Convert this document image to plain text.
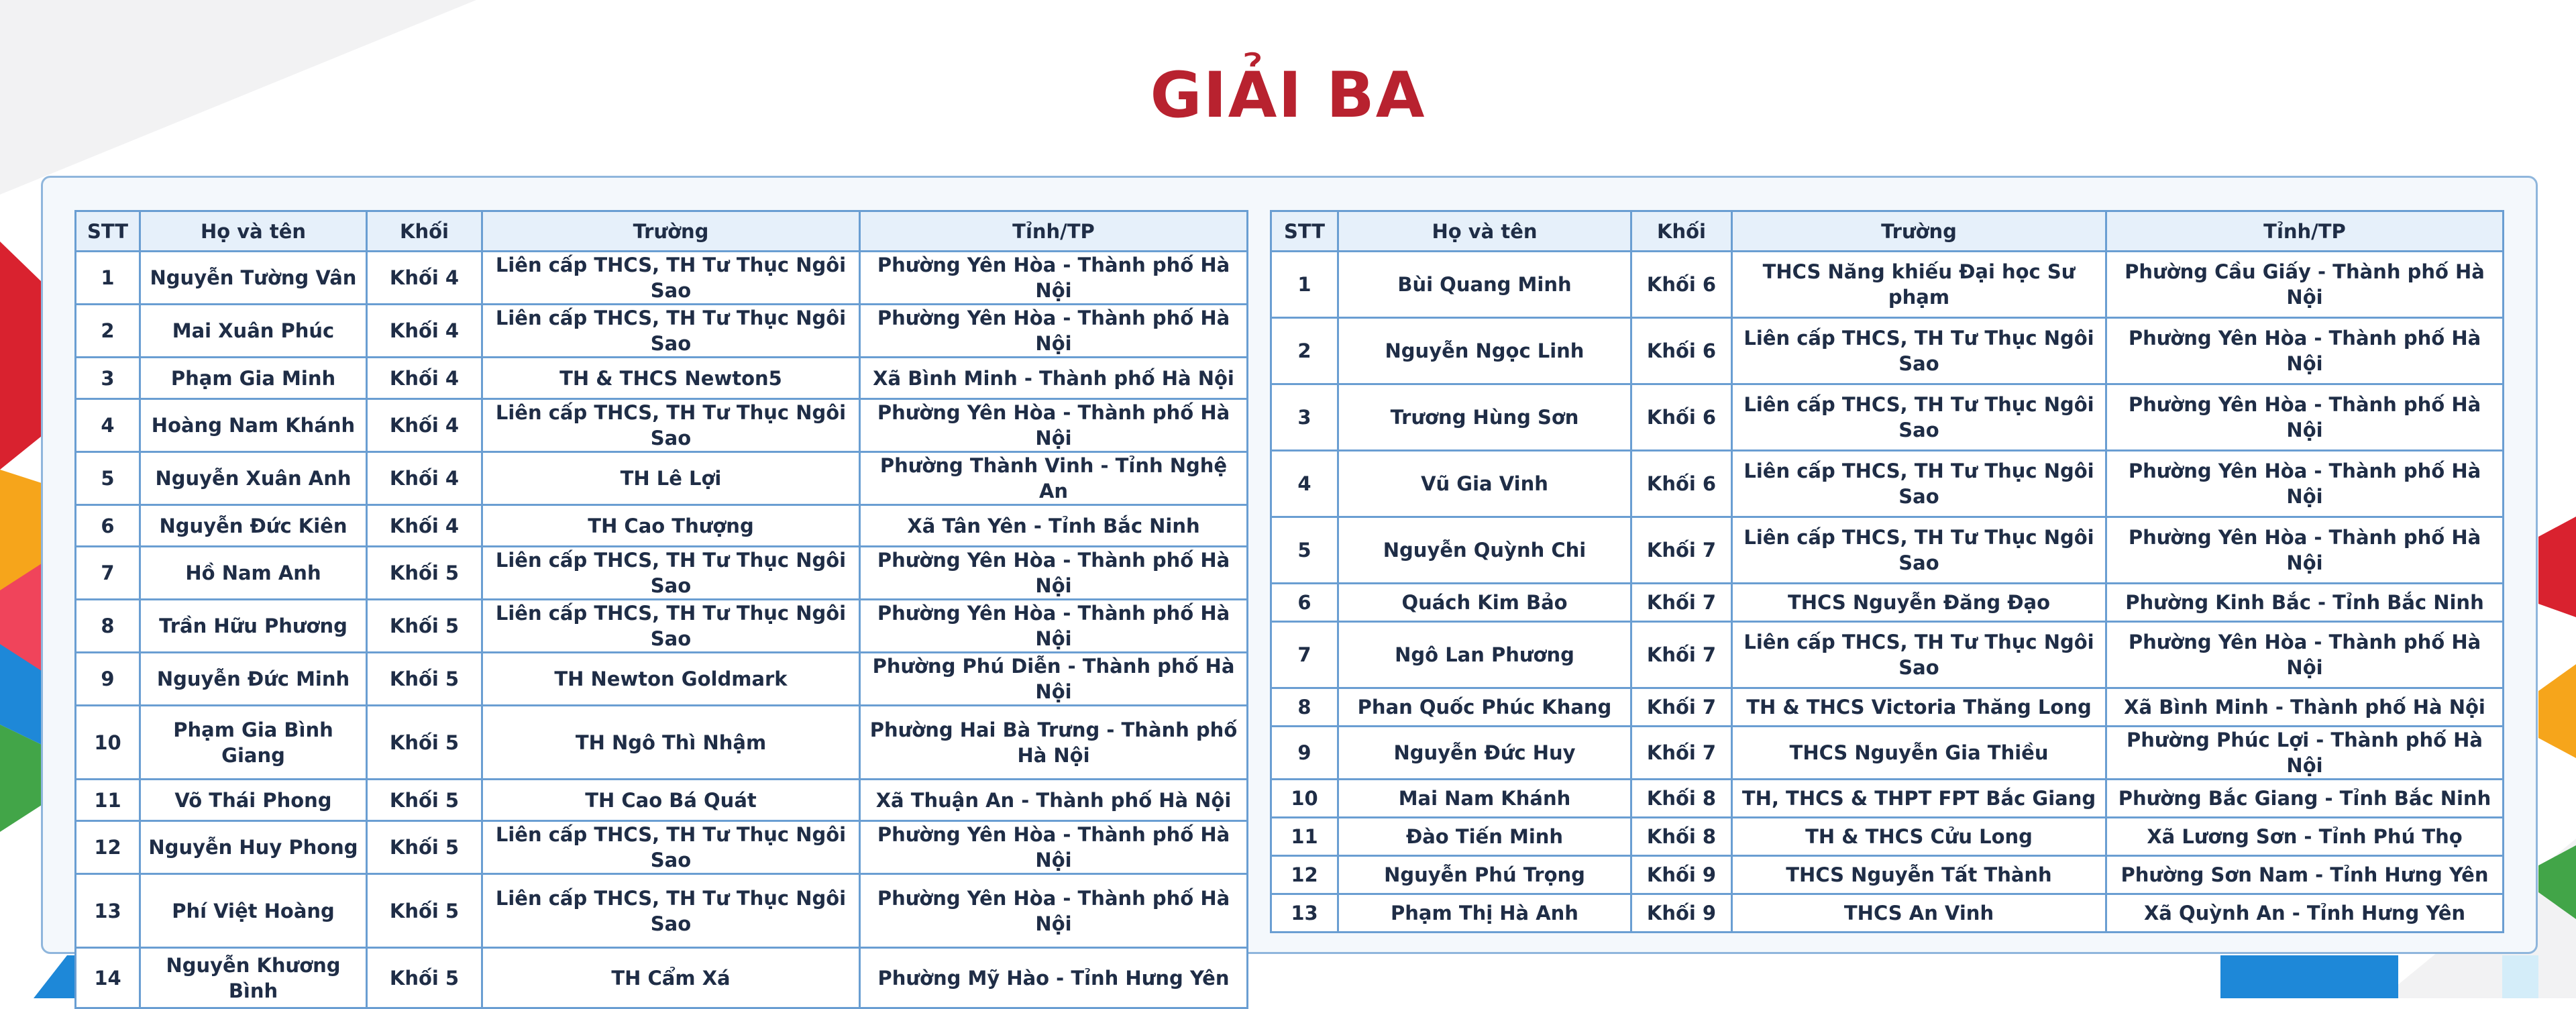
GIẢI BA
STT	Họ và tên	Khối	Trường	Tỉnh/TP
1	Nguyễn Tường Vân	Khối 4	Liên cấp THCS, TH Tư Thục Ngôi Sao	Phường Yên Hòa - Thành phố Hà Nội
2	Mai Xuân Phúc	Khối 4	Liên cấp THCS, TH Tư Thục Ngôi Sao	Phường Yên Hòa - Thành phố Hà Nội
3	Phạm Gia Minh	Khối 4	TH & THCS Newton5	Xã Bình Minh - Thành phố Hà Nội
4	Hoàng Nam Khánh	Khối 4	Liên cấp THCS, TH Tư Thục Ngôi Sao	Phường Yên Hòa - Thành phố Hà Nội
5	Nguyễn Xuân Anh	Khối 4	TH Lê Lợi	Phường Thành Vinh - Tỉnh Nghệ An
6	Nguyễn Đức Kiên	Khối 4	TH Cao Thượng	Xã Tân Yên - Tỉnh Bắc Ninh
7	Hồ Nam Anh	Khối 5	Liên cấp THCS, TH Tư Thục Ngôi Sao	Phường Yên Hòa - Thành phố Hà Nội
8	Trần Hữu Phương	Khối 5	Liên cấp THCS, TH Tư Thục Ngôi Sao	Phường Yên Hòa - Thành phố Hà Nội
9	Nguyễn Đức Minh	Khối 5	TH Newton Goldmark	Phường Phú Diễn - Thành phố Hà Nội
10	Phạm Gia Bình Giang	Khối 5	TH Ngô Thì Nhậm	Phường Hai Bà Trưng - Thành phố Hà Nội
11	Võ Thái Phong	Khối 5	TH Cao Bá Quát	Xã Thuận An - Thành phố Hà Nội
12	Nguyễn Huy Phong	Khối 5	Liên cấp THCS, TH Tư Thục Ngôi Sao	Phường Yên Hòa - Thành phố Hà Nội
13	Phí Việt Hoàng	Khối 5	Liên cấp THCS, TH Tư Thục Ngôi Sao	Phường Yên Hòa - Thành phố Hà Nội
14	Nguyễn Khương Bình	Khối 5	TH Cẩm Xá	Phường Mỹ Hào - Tỉnh Hưng Yên
STT	Họ và tên	Khối	Trường	Tỉnh/TP
1	Bùi Quang Minh	Khối 6	THCS Năng khiếu Đại học Sư phạm	Phường Cầu Giấy - Thành phố Hà Nội
2	Nguyễn Ngọc Linh	Khối 6	Liên cấp THCS, TH Tư Thục Ngôi Sao	Phường Yên Hòa - Thành phố Hà Nội
3	Trương Hùng Sơn	Khối 6	Liên cấp THCS, TH Tư Thục Ngôi Sao	Phường Yên Hòa - Thành phố Hà Nội
4	Vũ Gia Vinh	Khối 6	Liên cấp THCS, TH Tư Thục Ngôi Sao	Phường Yên Hòa - Thành phố Hà Nội
5	Nguyễn Quỳnh Chi	Khối 7	Liên cấp THCS, TH Tư Thục Ngôi Sao	Phường Yên Hòa - Thành phố Hà Nội
6	Quách Kim Bảo	Khối 7	THCS Nguyễn Đăng Đạo	Phường Kinh Bắc - Tỉnh Bắc Ninh
7	Ngô Lan Phương	Khối 7	Liên cấp THCS, TH Tư Thục Ngôi Sao	Phường Yên Hòa - Thành phố Hà Nội
8	Phan Quốc Phúc Khang	Khối 7	TH & THCS Victoria Thăng Long	Xã Bình Minh - Thành phố Hà Nội
9	Nguyễn Đức Huy	Khối 7	THCS Nguyễn Gia Thiều	Phường Phúc Lợi - Thành phố Hà Nội
10	Mai Nam Khánh	Khối 8	TH, THCS & THPT FPT Bắc Giang	Phường Bắc Giang - Tỉnh Bắc Ninh
11	Đào Tiến Minh	Khối 8	TH & THCS Cửu Long	Xã Lương Sơn - Tỉnh Phú Thọ
12	Nguyễn Phú Trọng	Khối 9	THCS Nguyễn Tất Thành	Phường Sơn Nam - Tỉnh Hưng Yên
13	Phạm Thị Hà Anh	Khối 9	THCS An Vinh	Xã Quỳnh An - Tỉnh Hưng Yên
